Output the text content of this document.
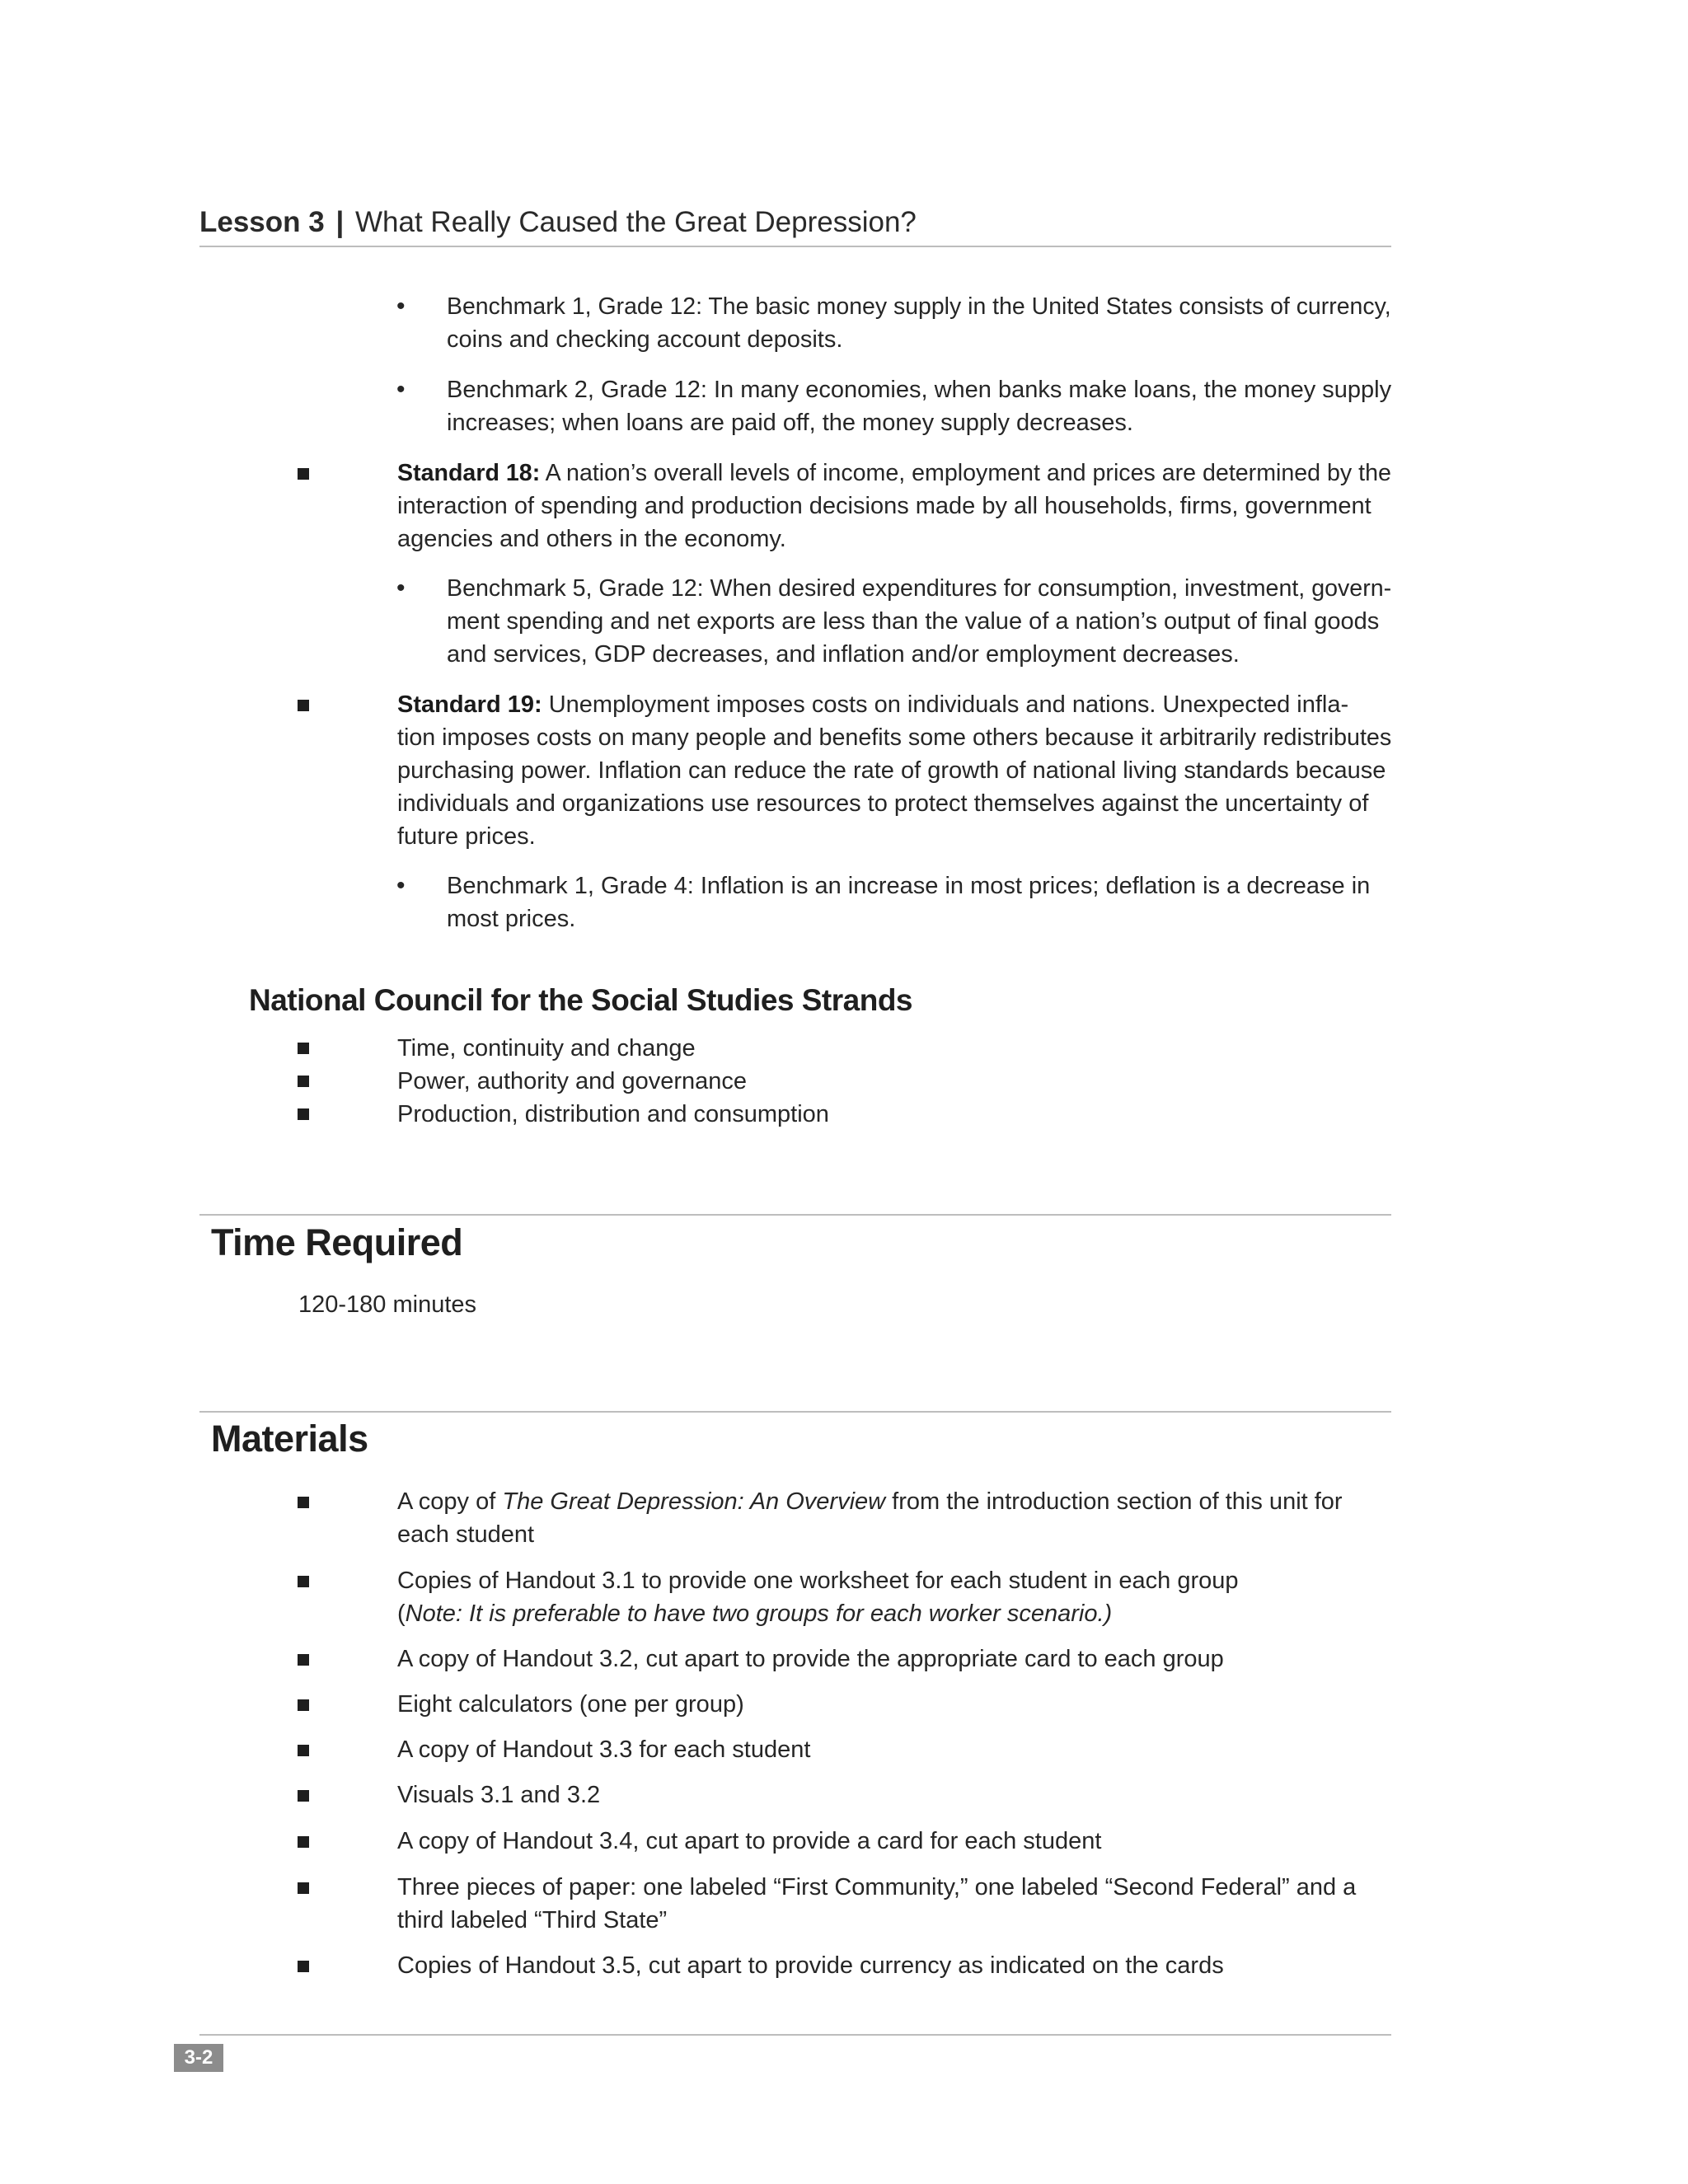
Lesson 3 | What Really Caused the Great Depression?
• Benchmark 1, Grade 12: The basic money supply in the United States consists of currency,
coins and checking account deposits.
• Benchmark 2, Grade 12: In many economies, when banks make loans, the money supply
increases; when loans are paid off, the money supply decreases.
Standard 18: A nation’s overall levels of income, employment and prices are determined by the
interaction of spending and production decisions made by all households, firms, government
agencies and others in the economy.
• Benchmark 5, Grade 12: When desired expenditures for consumption, investment, govern-
ment spending and net exports are less than the value of a nation’s output of final goods
and services, GDP decreases, and inflation and/or employment decreases.
Standard 19: Unemployment imposes costs on individuals and nations. Unexpected infla-
tion imposes costs on many people and benefits some others because it arbitrarily redistributes
purchasing power. Inflation can reduce the rate of growth of national living standards because
individuals and organizations use resources to protect themselves against the uncertainty of
future prices.
• Benchmark 1, Grade 4: Inflation is an increase in most prices; deflation is a decrease in
most prices.
National Council for the Social Studies Strands
Time, continuity and change
Power, authority and governance
Production, distribution and consumption
Time Required
120-180 minutes
Materials
A copy of The Great Depression: An Overview from the introduction section of this unit for
each student
Copies of Handout 3.1 to provide one worksheet for each student in each group
(Note: It is preferable to have two groups for each worker scenario.)
A copy of Handout 3.2, cut apart to provide the appropriate card to each group
Eight calculators (one per group)
A copy of Handout 3.3 for each student
Visuals 3.1 and 3.2
A copy of Handout 3.4, cut apart to provide a card for each student
Three pieces of paper: one labeled “First Community,” one labeled “Second Federal” and a
third labeled “Third State”
Copies of Handout 3.5, cut apart to provide currency as indicated on the cards
3-2
